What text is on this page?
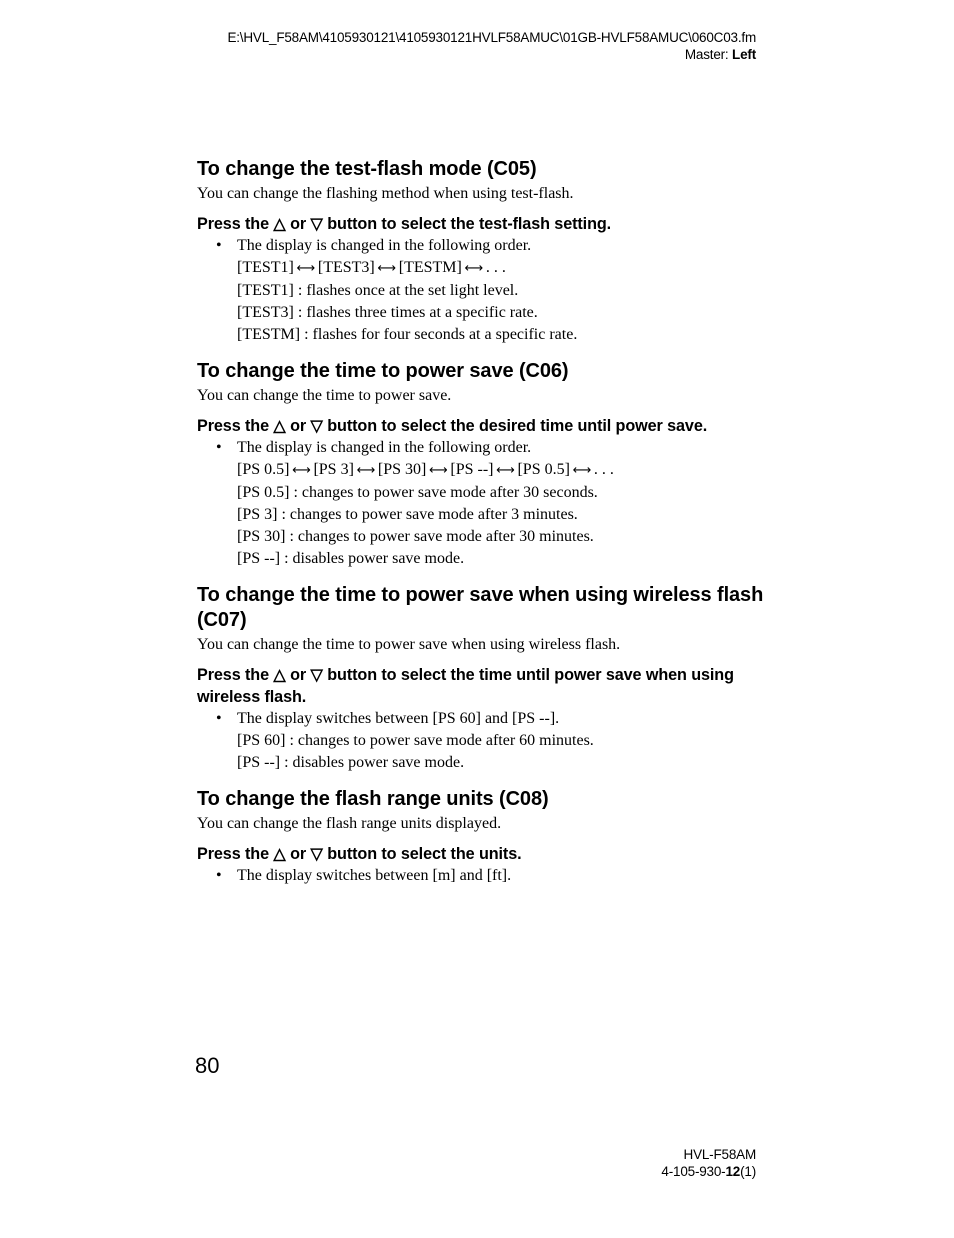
E:\HVL_F58AM\4105930121\4105930121HVLF58AMUC\01GB-HVLF58AMUC\060C03.fm
Master: Left
To change the test-flash mode (C05)

You can change the flashing method when using test-flash.

Press the △ or ▽ button to select the test-flash setting.

• The display is changed in the following order.
[TEST1] ⟷ [TEST3] ⟷ [TESTM] ⟷ . . .
[TEST1] : flashes once at the set light level.
[TEST3] : flashes three times at a specific rate.
[TESTM] : flashes for four seconds at a specific rate.
To change the time to power save (C06)

You can change the time to power save.

Press the △ or ▽ button to select the desired time until power save.

• The display is changed in the following order.
[PS 0.5] ⟷ [PS 3] ⟷ [PS 30] ⟷ [PS --] ⟷ [PS 0.5] ⟷ . . .
[PS 0.5] : changes to power save mode after 30 seconds.
[PS 3] : changes to power save mode after 3 minutes.
[PS 30] : changes to power save mode after 30 minutes.
[PS --] : disables power save mode.
To change the time to power save when using wireless flash (C07)

You can change the time to power save when using wireless flash.

Press the △ or ▽ button to select the time until power save when using wireless flash.

• The display switches between [PS 60] and [PS --].
[PS 60] : changes to power save mode after 60 minutes.
[PS --] : disables power save mode.
To change the flash range units (C08)

You can change the flash range units displayed.

Press the △ or ▽ button to select the units.

• The display switches between [m] and [ft].
80
HVL-F58AM
4-105-930-12(1)
